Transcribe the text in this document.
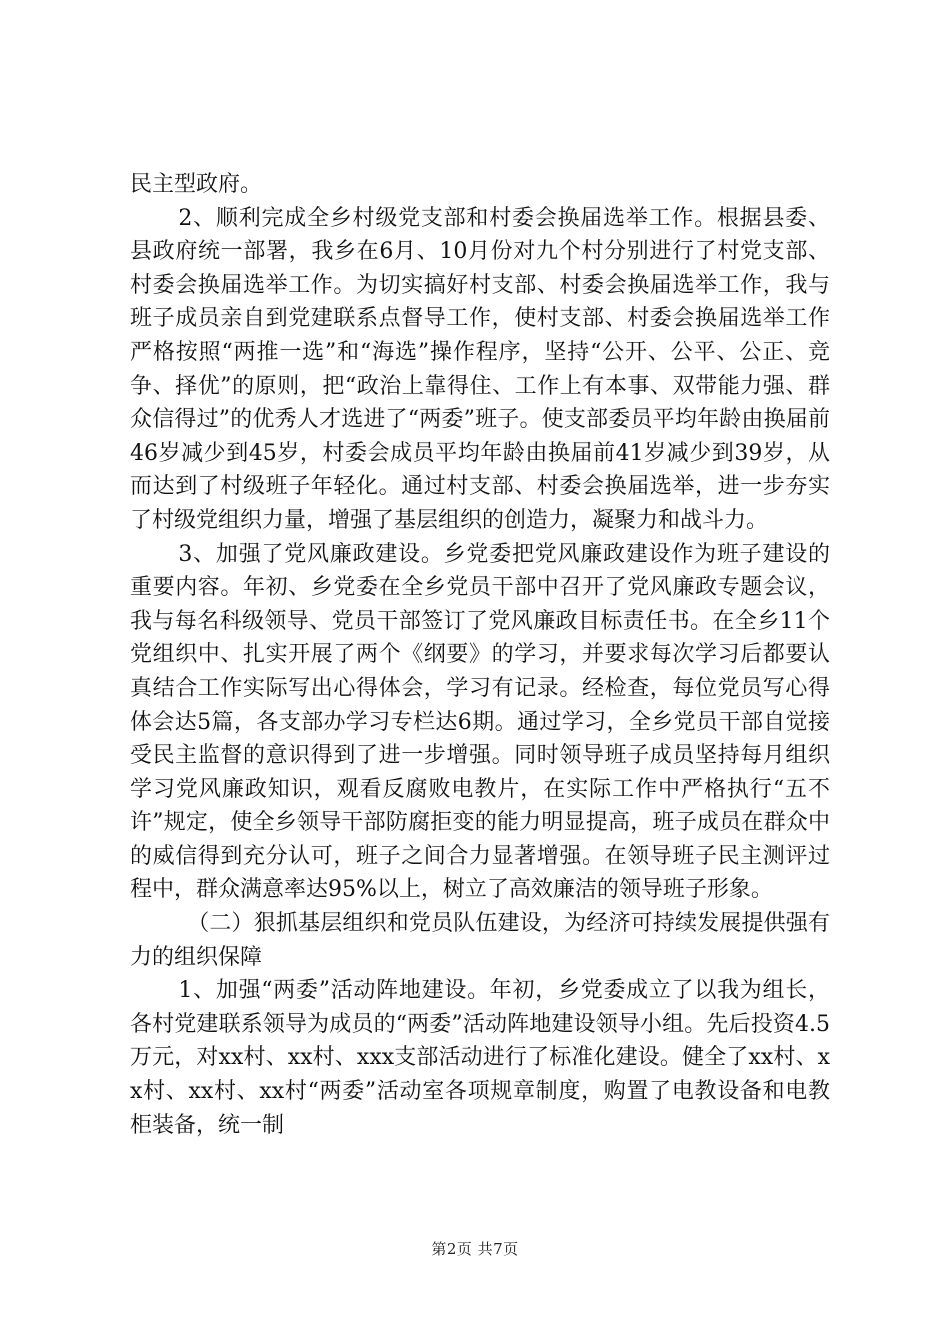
民主型政府。

2、顺利完成全乡村级党支部和村委会换届选举工作。根据县委、县政府统一部署，我乡在6月、10月份对九个村分别进行了村党支部、村委会换届选举工作。为切实搞好村支部、村委会换届选举工作，我与班子成员亲自到党建联系点督导工作，使村支部、村委会换届选举工作严格按照“两推一选”和“海选”操作程序，坚持“公开、公平、公正、竞争、择优”的原则，把“政治上靠得住、工作上有本事、双带能力强、群众信得过”的优秀人才选进了“两委”班子。使支部委员平均年龄由换届前46岁减少到45岁，村委会成员平均年龄由换届前41岁减少到39岁，从而达到了村级班子年轻化。通过村支部、村委会换届选举，进一步夯实了村级党组织力量，增强了基层组织的创造力，凝聚力和战斗力。

3、加强了党风廉政建设。乡党委把党风廉政建设作为班子建设的重要内容。年初、乡党委在全乡党员干部中召开了党风廉政专题会议，我与每名科级领导、党员干部签订了党风廉政目标责任书。在全乡11个党组织中、扎实开展了两个《纲要》的学习，并要求每次学习后都要认真结合工作实际写出心得体会，学习有记录。经检查，每位党员写心得体会达5篇，各支部办学习专栏达6期。通过学习，全乡党员干部自觉接受民主监督的意识得到了进一步增强。同时领导班子成员坚持每月组织学习党风廉政知识，观看反腐败电教片，在实际工作中严格执行“五不许”规定，使全乡领导干部防腐拒变的能力明显提高，班子成员在群众中的威信得到充分认可，班子之间合力显著增强。在领导班子民主测评过程中，群众满意率达95%以上，树立了高效廉洁的领导班子形象。

（二）狠抓基层组织和党员队伍建设，为经济可持续发展提供强有力的组织保障

1、加强“两委”活动阵地建设。年初，乡党委成立了以我为组长，各村党建联系领导为成员的“两委”活动阵地建设领导小组。先后投资4.5万元，对xx村、xx村、xxx支部活动进行了标准化建设。健全了xx村、xx村、xx村、xx村“两委”活动室各项规章制度，购置了电教设备和电教柜装备，统一制

第2页 共7页
